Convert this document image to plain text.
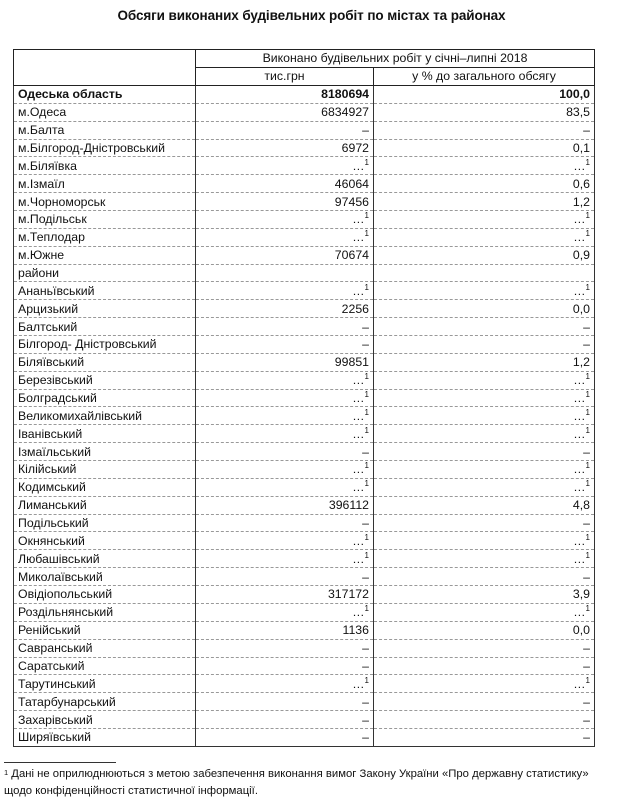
Обсяги виконаних будівельних робіт по містах та районах
	Виконано будівельних робіт у січні–липні 2018	
	тис.грн	у % до загального обсягу
Одеська область	8180694	100,0
м.Одеса	6834927	83,5
м.Балта	–	–
м.Білгород-Дністровський	6972	0,1
м.Біляївка	…$^1$	…$^1$
м.Ізмаїл	46064	0,6
м.Чорноморськ	97456	1,2
м.Подільськ	…$^1$	…$^1$
м.Теплодар	…$^1$	…$^1$
м.Южне	70674	0,9
райони		
Ананьївський	…$^1$	…$^1$
Арцизький	2256	0,0
Балтський	–	–
Білгород- Дністровський	–	–
Біляївський	99851	1,2
Березівський	…$^1$	…$^1$
Болградський	…$^1$	…$^1$
Великомихайлівський	…$^1$	…$^1$
Іванівський	…$^1$	…$^1$
Ізмаїльський	–	–
Кілійський	…$^1$	…$^1$
Кодимський	…$^1$	…$^1$
Лиманський	396112	4,8
Подільський	–	–
Окнянський	…$^1$	…$^1$
Любашівський	…$^1$	…$^1$
Миколаївський	–	–
Овідіопольський	317172	3,9
Роздільнянський	…$^1$	…$^1$
Ренійський	1136	0,0
Савранський	–	–
Саратський	–	–
Тарутинський	…$^1$	…$^1$
Татарбунарський	–	–
Захарівський	–	–
Ширяївський	–	–
$^1$ Дані не оприлюднюються з метою забезпечення виконання вимог Закону України «Про державну статистику»
щодо конфіденційності статистичної інформації.
